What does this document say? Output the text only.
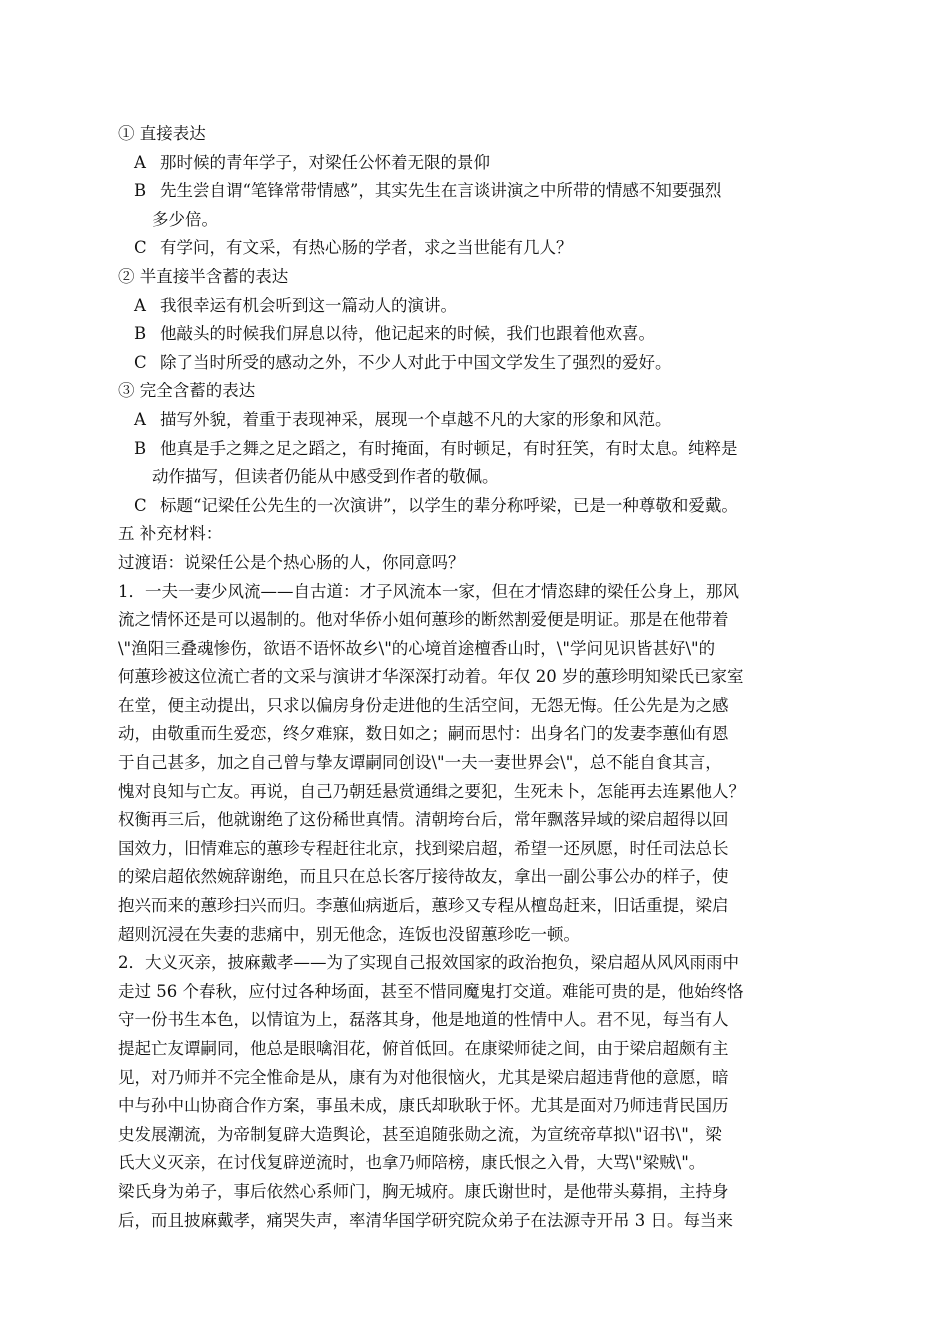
① 直接表达
A 那时候的青年学子，对梁任公怀着无限的景仰
B 先生尝自谓“笔锋常带情感”，其实先生在言谈讲演之中所带的情感不知要强烈
多少倍。
C 有学问，有文采，有热心肠的学者，求之当世能有几人？
② 半直接半含蓄的表达
A 我很幸运有机会听到这一篇动人的演讲。
B 他敲头的时候我们屏息以待，他记起来的时候，我们也跟着他欢喜。
C 除了当时所受的感动之外，不少人对此于中国文学发生了强烈的爱好。
③ 完全含蓄的表达
A 描写外貌，着重于表现神采，展现一个卓越不凡的大家的形象和风范。
B 他真是手之舞之足之蹈之，有时掩面，有时顿足，有时狂笑，有时太息。纯粹是
动作描写，但读者仍能从中感受到作者的敬佩。
C 标题“记梁任公先生的一次演讲”，以学生的辈分称呼梁，已是一种尊敬和爱戴。
五 补充材料：
过渡语：说梁任公是个热心肠的人，你同意吗？
1．一夫一妻少风流——自古道：才子风流本一家，但在才情恣肆的梁任公身上，那风
流之情怀还是可以遏制的。他对华侨小姐何蕙珍的断然割爱便是明证。那是在他带着
\"渔阳三叠魂惨伤，欲语不语怀故乡\"的心境首途檀香山时，\"学问见识皆甚好\"的
何蕙珍被这位流亡者的文采与演讲才华深深打动着。年仅 20 岁的蕙珍明知梁氏已家室
在堂，便主动提出，只求以偏房身份走进他的生活空间，无怨无悔。任公先是为之感
动，由敬重而生爱恋，终夕难寐，数日如之；嗣而思忖：出身名门的发妻李蕙仙有恩
于自己甚多，加之自己曾与挚友谭嗣同创设\"一夫一妻世界会\"，总不能自食其言，
愧对良知与亡友。再说，自己乃朝廷悬赏通缉之要犯，生死未卜，怎能再去连累他人？
权衡再三后，他就谢绝了这份稀世真情。清朝垮台后，常年飘落异域的梁启超得以回
国效力，旧情难忘的蕙珍专程赶往北京，找到梁启超，希望一还夙愿，时任司法总长
的梁启超依然婉辞谢绝，而且只在总长客厅接待故友，拿出一副公事公办的样子，使
抱兴而来的蕙珍扫兴而归。李蕙仙病逝后，蕙珍又专程从檀岛赶来，旧话重提，梁启
超则沉浸在失妻的悲痛中，别无他念，连饭也没留蕙珍吃一顿。
2．大义灭亲，披麻戴孝——为了实现自己报效国家的政治抱负，梁启超从风风雨雨中
走过 56 个春秋，应付过各种场面，甚至不惜同魔鬼打交道。难能可贵的是，他始终恪
守一份书生本色，以情谊为上，磊落其身，他是地道的性情中人。君不见，每当有人
提起亡友谭嗣同，他总是眼噙泪花，俯首低回。在康梁师徒之间，由于梁启超颇有主
见，对乃师并不完全惟命是从，康有为对他很恼火，尤其是梁启超违背他的意愿，暗
中与孙中山协商合作方案，事虽未成，康氏却耿耿于怀。尤其是面对乃师违背民国历
史发展潮流，为帝制复辟大造舆论，甚至追随张勋之流，为宣统帝草拟\"诏书\"，梁
氏大义灭亲，在讨伐复辟逆流时，也拿乃师陪榜，康氏恨之入骨，大骂\"梁贼\"。
梁氏身为弟子，事后依然心系师门，胸无城府。康氏谢世时，是他带头募捐，主持身
后，而且披麻戴孝，痛哭失声，率清华国学研究院众弟子在法源寺开吊 3 日。每当来
